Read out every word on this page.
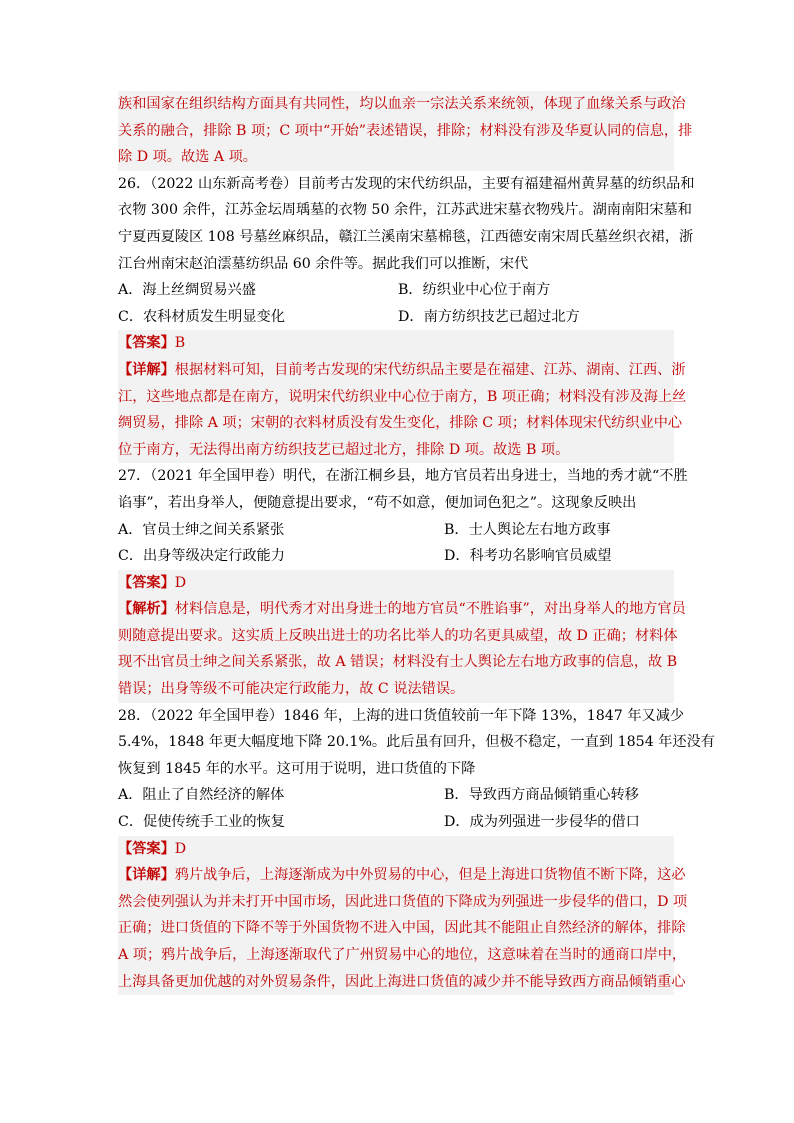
族和国家在组织结构方面具有共同性，均以血亲一宗法关系来统领，体现了血缘关系与政治

关系的融合，排除 B 项；C 项中“开始”表述错误，排除；材料没有涉及华夏认同的信息，排

除 D 项。故选 A 项。

26．（2022 山东新高考卷）目前考古发现的宋代纺织品，主要有福建福州黄昇墓的纺织品和

衣物 300 余件，江苏金坛周瑀墓的衣物 50 余件，江苏武进宋墓衣物残片。湖南南阳宋墓和

宁夏西夏陵区 108 号墓丝麻织品，赣江兰溪南宋墓棉毯，江西德安南宋周氏墓丝织衣裙，浙

江台州南宋赵泊澐墓纺织品 60 余件等。据此我们可以推断，宋代

A．海上丝绸贸易兴盛	B．纺织业中心位于南方
C．农科材质发生明显变化	D．南方纺织技艺已超过北方

【答案】B

【详解】根据材料可知，目前考古发现的宋代纺织品主要是在福建、江苏、湖南、江西、浙

江，这些地点都是在南方，说明宋代纺织业中心位于南方，B 项正确；材料没有涉及海上丝

绸贸易，排除 A 项；宋朝的衣料材质没有发生变化，排除 C 项；材料体现宋代纺织业中心

位于南方，无法得出南方纺织技艺已超过北方，排除 D 项。故选 B 项。

27．（2021 年全国甲卷）明代，在浙江桐乡县，地方官员若出身进士，当地的秀才就“不胜

谄事”，若出身举人，便随意提出要求，“苟不如意，便加词色犯之”。这现象反映出

A．官员士绅之间关系紧张	B．士人舆论左右地方政事
C．出身等级决定行政能力	D．科考功名影响官员威望

【答案】D

【解析】材料信息是，明代秀才对出身进士的地方官员“不胜谄事”，对出身举人的地方官员

则随意提出要求。这实质上反映出进士的功名比举人的功名更具威望，故 D 正确；材料体

现不出官员士绅之间关系紧张，故 A 错误；材料没有士人舆论左右地方政事的信息，故 B

错误；出身等级不可能决定行政能力，故 C 说法错误。

28．（2022 年全国甲卷）1846 年，上海的进口货值较前一年下降 13%，1847 年又减少

5.4%，1848 年更大幅度地下降 20.1%。此后虽有回升，但极不稳定，一直到 1854 年还没有

恢复到 1845 年的水平。这可用于说明，进口货值的下降

A．阻止了自然经济的解体	B．导致西方商品倾销重心转移
C．促使传统手工业的恢复	D．成为列强进一步侵华的借口

【答案】D

【详解】鸦片战争后，上海逐渐成为中外贸易的中心，但是上海进口货物值不断下降，这必

然会使列强认为并未打开中国市场，因此进口货值的下降成为列强进一步侵华的借口，D 项

正确；进口货值的下降不等于外国货物不进入中国，因此其不能阻止自然经济的解体，排除

A 项；鸦片战争后，上海逐渐取代了广州贸易中心的地位，这意味着在当时的通商口岸中，

上海具备更加优越的对外贸易条件，因此上海进口货值的减少并不能导致西方商品倾销重心
